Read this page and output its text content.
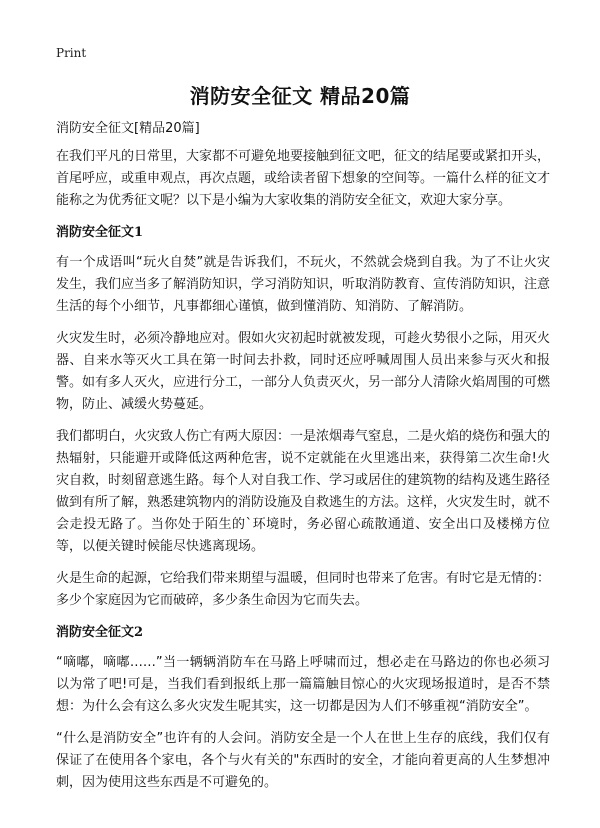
Print
消防安全征文 精品20篇

消防安全征文[精品20篇]

在我们平凡的日常里，大家都不可避免地要接触到征文吧，征文的结尾要或紧扣开头，首尾呼应，或重申观点，再次点题，或给读者留下想象的空间等。一篇什么样的征文才能称之为优秀征文呢？以下是小编为大家收集的消防安全征文，欢迎大家分享。

消防安全征文1

有一个成语叫“玩火自焚”就是告诉我们，不玩火，不然就会烧到自我。为了不让火灾发生，我们应当多了解消防知识，学习消防知识，听取消防教育、宣传消防知识，注意生活的每个小细节，凡事都细心谨慎，做到懂消防、知消防、了解消防。

火灾发生时，必须冷静地应对。假如火灾初起时就被发现，可趁火势很小之际，用灭火器、自来水等灭火工具在第一时间去扑救，同时还应呼喊周围人员出来参与灭火和报警。如有多人灭火，应进行分工，一部分人负责灭火，另一部分人清除火焰周围的可燃物，防止、减缓火势蔓延。

我们都明白，火灾致人伤亡有两大原因：一是浓烟毒气窒息，二是火焰的烧伤和强大的热辐射，只能避开或降低这两种危害，说不定就能在火里逃出来，获得第二次生命!火灾自救，时刻留意逃生路。每个人对自我工作、学习或居住的建筑物的结构及逃生路径做到有所了解，熟悉建筑物内的消防设施及自救逃生的方法。这样，火灾发生时，就不会走投无路了。当你处于陌生的`环境时，务必留心疏散通道、安全出口及楼梯方位等，以便关键时候能尽快逃离现场。

火是生命的起源，它给我们带来期望与温暖，但同时也带来了危害。有时它是无情的：多少个家庭因为它而破碎，多少条生命因为它而失去。

消防安全征文2

“嘀嘟，嘀嘟……”当一辆辆消防车在马路上呼啸而过，想必走在马路边的你也必须习以为常了吧!可是，当我们看到报纸上那一篇篇触目惊心的火灾现场报道时，是否不禁想：为什么会有这么多火灾发生呢其实，这一切都是因为人们不够重视“消防安全”。

“什么是消防安全”也许有的人会问。消防安全是一个人在世上生存的底线，我们仅有保证了在使用各个家电，各个与火有关的"东西时的安全，才能向着更高的人生梦想冲刺，因为使用这些东西是不可避免的。
